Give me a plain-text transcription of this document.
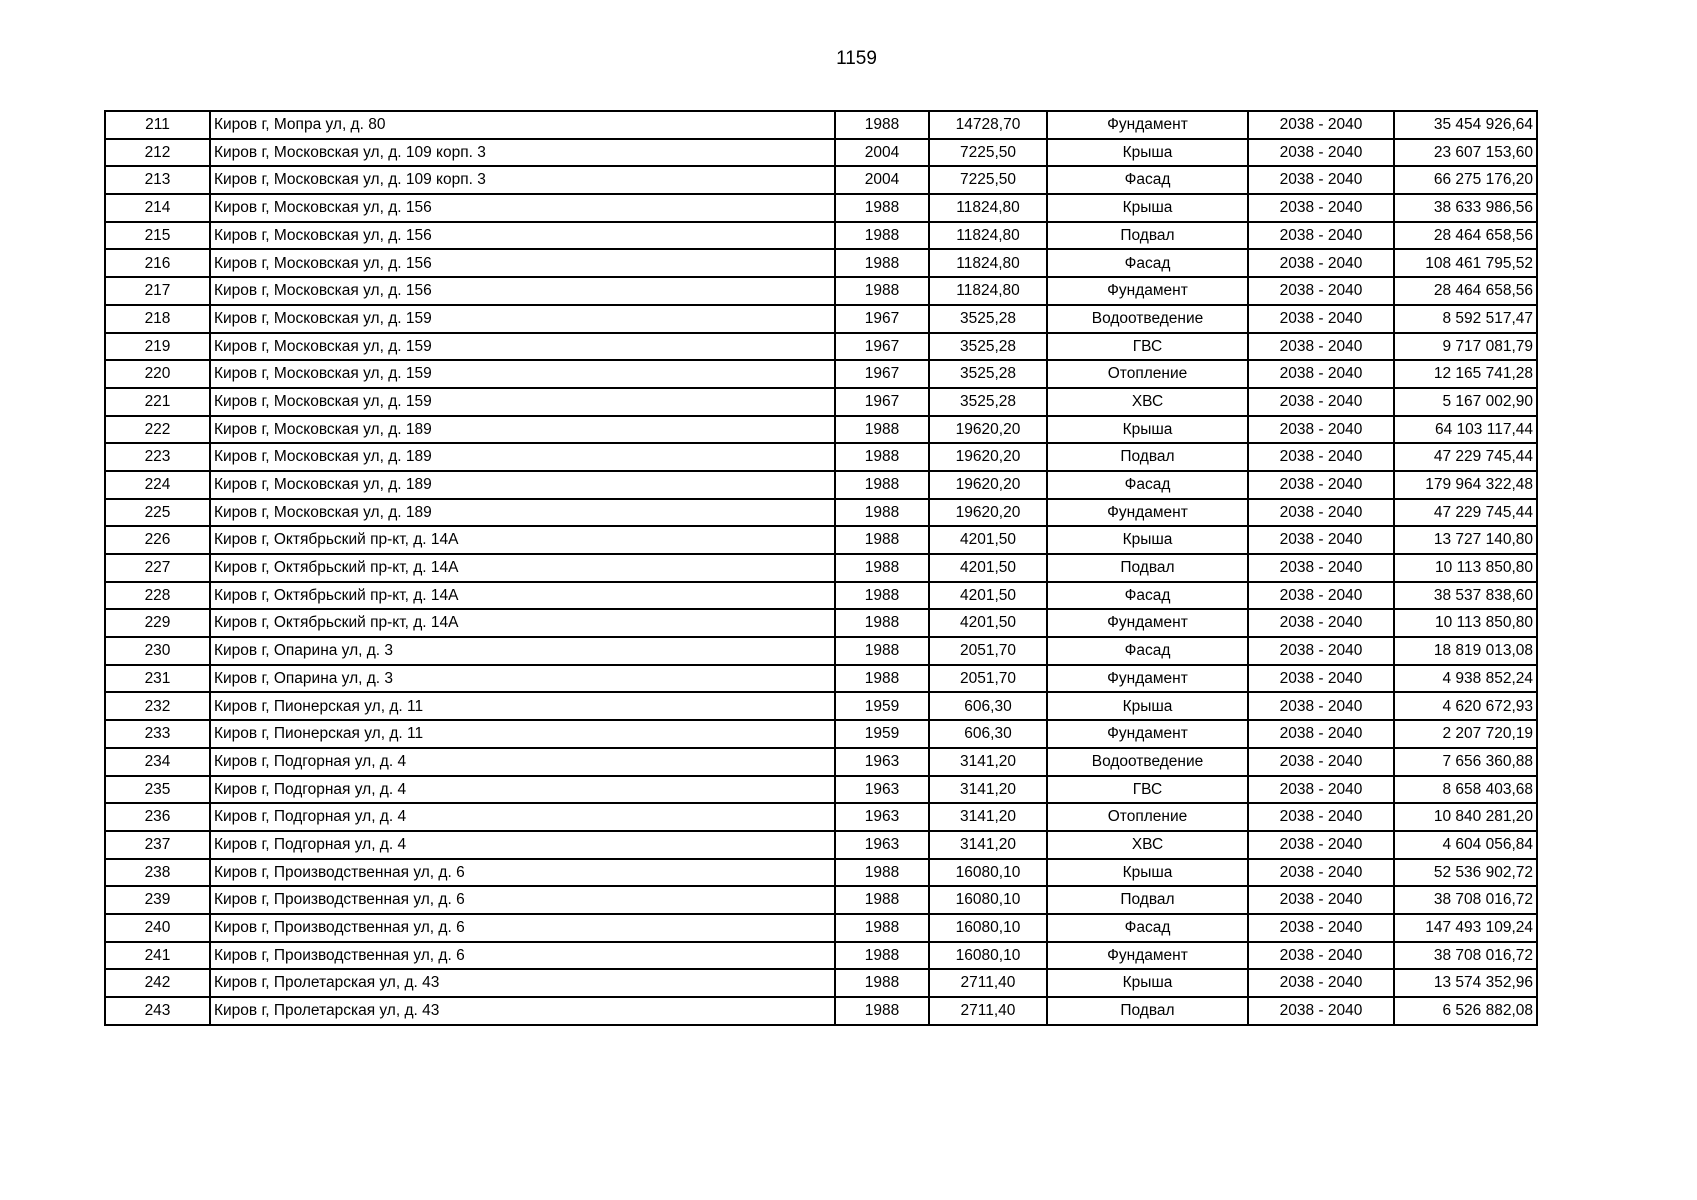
1159
211	Киров г, Мопра ул, д. 80	1988	14728,70	Фундамент	2038 - 2040	35 454 926,64
212	Киров г, Московская ул, д. 109 корп. 3	2004	7225,50	Крыша	2038 - 2040	23 607 153,60
213	Киров г, Московская ул, д. 109 корп. 3	2004	7225,50	Фасад	2038 - 2040	66 275 176,20
214	Киров г, Московская ул, д. 156	1988	11824,80	Крыша	2038 - 2040	38 633 986,56
215	Киров г, Московская ул, д. 156	1988	11824,80	Подвал	2038 - 2040	28 464 658,56
216	Киров г, Московская ул, д. 156	1988	11824,80	Фасад	2038 - 2040	108 461 795,52
217	Киров г, Московская ул, д. 156	1988	11824,80	Фундамент	2038 - 2040	28 464 658,56
218	Киров г, Московская ул, д. 159	1967	3525,28	Водоотведение	2038 - 2040	8 592 517,47
219	Киров г, Московская ул, д. 159	1967	3525,28	ГВС	2038 - 2040	9 717 081,79
220	Киров г, Московская ул, д. 159	1967	3525,28	Отопление	2038 - 2040	12 165 741,28
221	Киров г, Московская ул, д. 159	1967	3525,28	ХВС	2038 - 2040	5 167 002,90
222	Киров г, Московская ул, д. 189	1988	19620,20	Крыша	2038 - 2040	64 103 117,44
223	Киров г, Московская ул, д. 189	1988	19620,20	Подвал	2038 - 2040	47 229 745,44
224	Киров г, Московская ул, д. 189	1988	19620,20	Фасад	2038 - 2040	179 964 322,48
225	Киров г, Московская ул, д. 189	1988	19620,20	Фундамент	2038 - 2040	47 229 745,44
226	Киров г, Октябрьский пр-кт, д. 14А	1988	4201,50	Крыша	2038 - 2040	13 727 140,80
227	Киров г, Октябрьский пр-кт, д. 14А	1988	4201,50	Подвал	2038 - 2040	10 113 850,80
228	Киров г, Октябрьский пр-кт, д. 14А	1988	4201,50	Фасад	2038 - 2040	38 537 838,60
229	Киров г, Октябрьский пр-кт, д. 14А	1988	4201,50	Фундамент	2038 - 2040	10 113 850,80
230	Киров г, Опарина ул, д. 3	1988	2051,70	Фасад	2038 - 2040	18 819 013,08
231	Киров г, Опарина ул, д. 3	1988	2051,70	Фундамент	2038 - 2040	4 938 852,24
232	Киров г, Пионерская ул, д. 11	1959	606,30	Крыша	2038 - 2040	4 620 672,93
233	Киров г, Пионерская ул, д. 11	1959	606,30	Фундамент	2038 - 2040	2 207 720,19
234	Киров г, Подгорная ул, д. 4	1963	3141,20	Водоотведение	2038 - 2040	7 656 360,88
235	Киров г, Подгорная ул, д. 4	1963	3141,20	ГВС	2038 - 2040	8 658 403,68
236	Киров г, Подгорная ул, д. 4	1963	3141,20	Отопление	2038 - 2040	10 840 281,20
237	Киров г, Подгорная ул, д. 4	1963	3141,20	ХВС	2038 - 2040	4 604 056,84
238	Киров г, Производственная ул, д. 6	1988	16080,10	Крыша	2038 - 2040	52 536 902,72
239	Киров г, Производственная ул, д. 6	1988	16080,10	Подвал	2038 - 2040	38 708 016,72
240	Киров г, Производственная ул, д. 6	1988	16080,10	Фасад	2038 - 2040	147 493 109,24
241	Киров г, Производственная ул, д. 6	1988	16080,10	Фундамент	2038 - 2040	38 708 016,72
242	Киров г, Пролетарская ул, д. 43	1988	2711,40	Крыша	2038 - 2040	13 574 352,96
243	Киров г, Пролетарская ул, д. 43	1988	2711,40	Подвал	2038 - 2040	6 526 882,08
